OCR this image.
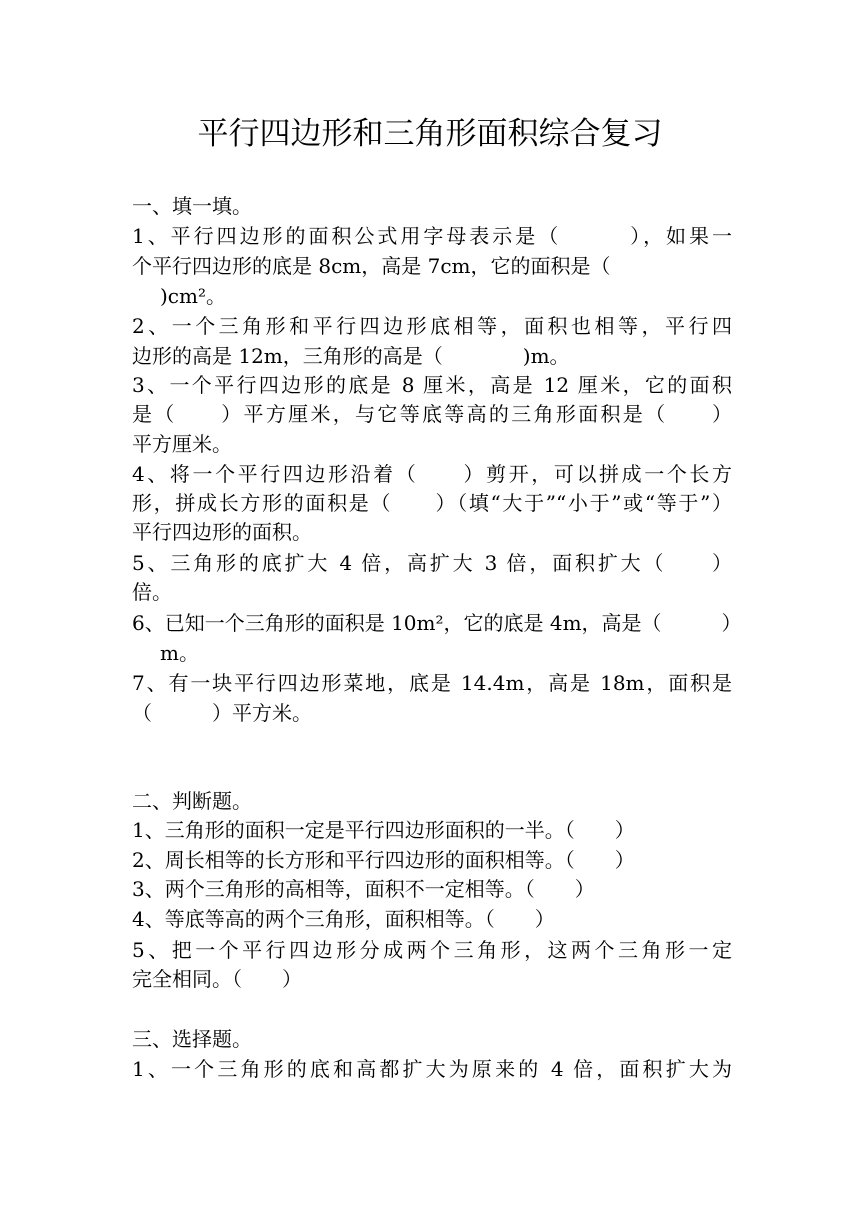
平行四边形和三角形面积综合复习
一、填一填。
1、平行四边形的面积公式用字母表示是（　　　），如果一
个平行四边形的底是 8cm，高是 7cm，它的面积是（
)cm²。
2、一个三角形和平行四边形底相等，面积也相等，平行四
边形的高是 12m，三角形的高是（　　　　)m。
3、一个平行四边形的底是 8 厘米，高是 12 厘米，它的面积
是（　　）平方厘米，与它等底等高的三角形面积是（　　）
平方厘米。
4、将一个平行四边形沿着（　　）剪开，可以拼成一个长方
形，拼成长方形的面积是（　　）（填“大于”“小于”或“等于”）
平行四边形的面积。
5、三角形的底扩大 4 倍，高扩大 3 倍，面积扩大（　　）
倍。
6、已知一个三角形的面积是 10m²，它的底是 4m，高是（　　　）
m。
7、有一块平行四边形菜地，底是 14.4m，高是 18m，面积是
（　　　）平方米。
二、判断题。
1、三角形的面积一定是平行四边形面积的一半。（　　）
2、周长相等的长方形和平行四边形的面积相等。（　　）
3、两个三角形的高相等，面积不一定相等。（　　）
4、等底等高的两个三角形，面积相等。（　　）
5、把一个平行四边形分成两个三角形，这两个三角形一定
完全相同。（　　）
三、选择题。
1、一个三角形的底和高都扩大为原来的 4 倍，面积扩大为
